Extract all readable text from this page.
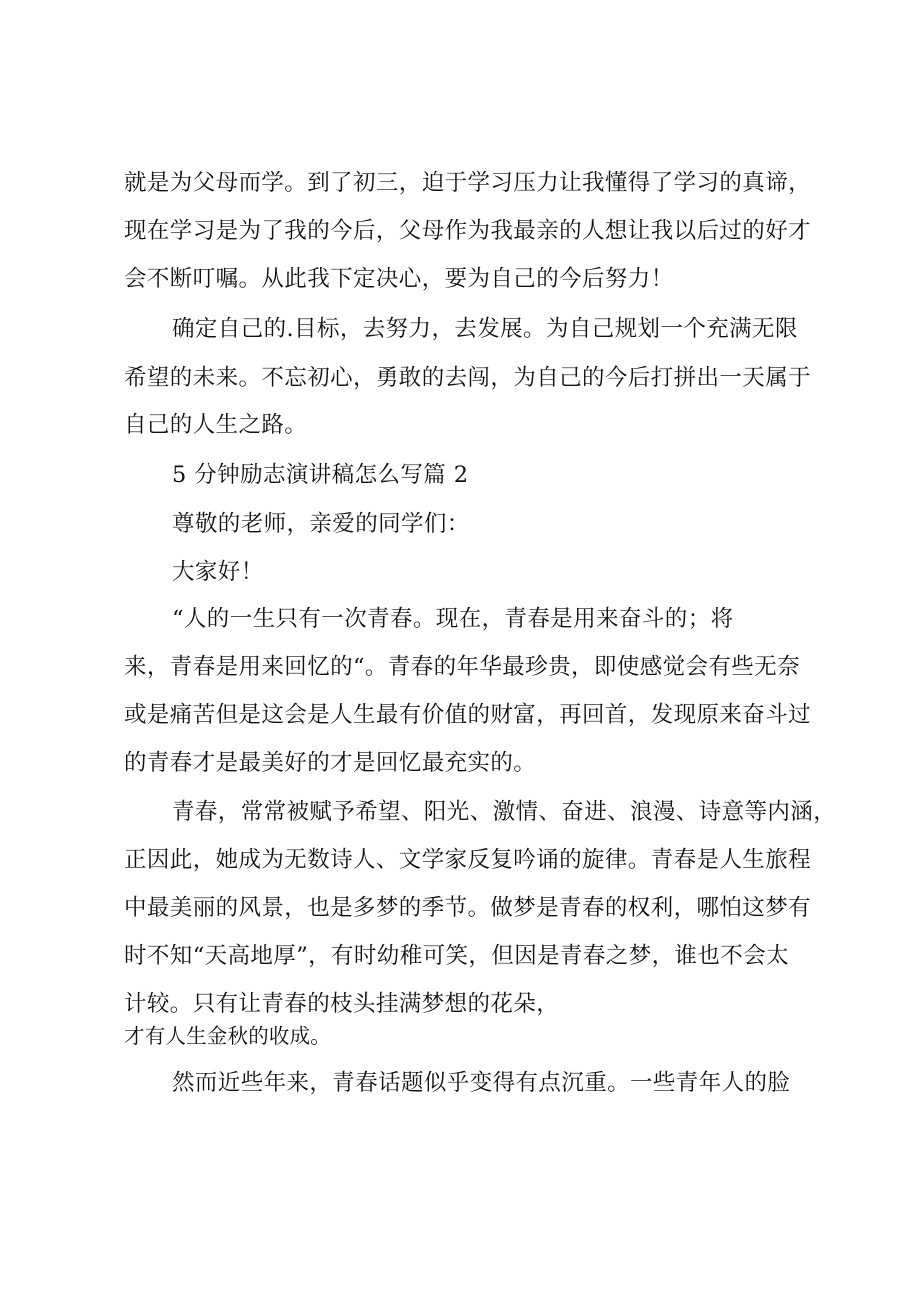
就是为父母而学。到了初三，迫于学习压力让我懂得了学习的真谛，
现在学习是为了我的今后，父母作为我最亲的人想让我以后过的好才
会不断叮嘱。从此我下定决心，要为自己的今后努力！
确定自己的.目标，去努力，去发展。为自己规划一个充满无限
希望的未来。不忘初心，勇敢的去闯，为自己的今后打拼出一天属于
自己的人生之路。
5 分钟励志演讲稿怎么写篇 2
尊敬的老师，亲爱的同学们：
大家好！
“人的一生只有一次青春。现在，青春是用来奋斗的；将
来，青春是用来回忆的“。青春的年华最珍贵，即使感觉会有些无奈
或是痛苦但是这会是人生最有价值的财富，再回首，发现原来奋斗过
的青春才是最美好的才是回忆最充实的。
青春，常常被赋予希望、阳光、激情、奋进、浪漫、诗意等内涵，
正因此，她成为无数诗人、文学家反复吟诵的旋律。青春是人生旅程
中最美丽的风景，也是多梦的季节。做梦是青春的权利，哪怕这梦有
时不知“天高地厚”，有时幼稚可笑，但因是青春之梦，谁也不会太
计较。只有让青春的枝头挂满梦想的花朵，
才有人生金秋的收成。
然而近些年来，青春话题似乎变得有点沉重。一些青年人的脸
